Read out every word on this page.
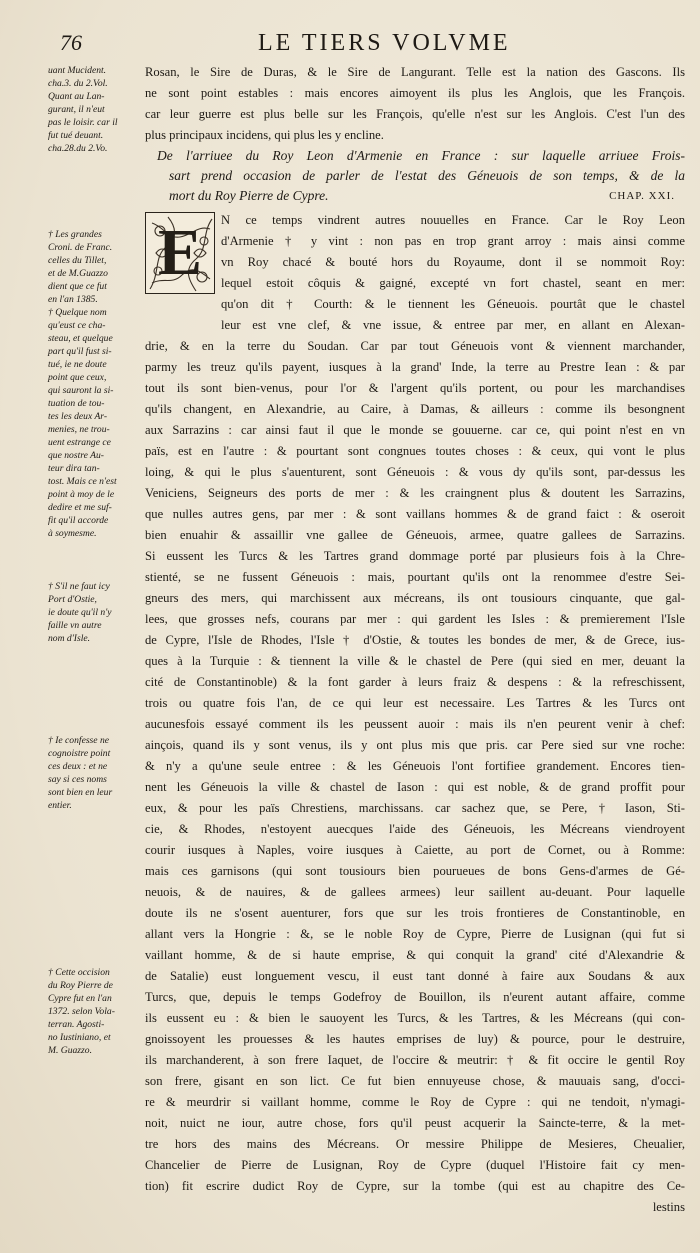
76	LE TIERS VOLVME
uant Mucident.
cha.3. du 2.Vol.
Quant au Lan-
gurant, il n'eut
pas le loisir. car il
fut tué deuant.
cha.28.du 2.Vo.
† Les grandes
Croni. de Franc.
celles du Tillet,
et de M.Guazzo
dient que ce fut
en l'an 1385.
† Quelque nom
qu'eust ce cha-
steau, et quelque
part qu'il fust si-
tué, ie ne doute
point que ceux,
qui sauront la si-
tuation de tou-
tes les deux Ar-
menies, ne trou-
uent estrange ce
que nostre Au-
teur dira tan-
tost. Mais ce n'est
point à moy de le
dedire et me suf-
fit qu'il accorde
à soymesme.
† S'il ne faut icy
Port d'Ostie,
ie doute qu'il n'y
faille vn autre
nom d'Isle.
† Ie confesse ne
cognoistre point
ces deux : et ne
say si ces noms
sont bien en leur
entier.
† Cette occision
du Roy Pierre de
Cypre fut en l'an
1372. selon Vola-
terran. Agosti-
no Iustiniano, et
M. Guazzo.
Rosan, le Sire de Duras, & le Sire de Langurant. Telle est la nation des Gascons. Ils
ne sont point estables : mais encores aimoyent ils plus les Anglois, que les François.
car leur guerre est plus belle sur les François, qu'elle n'est sur les Anglois. C'est l'un des
plus principaux incidens, qui plus les y encline.
De l'arriuee du Roy Leon d'Armenie en France : sur laquelle arriuee Frois-
sart prend occasion de parler de l'estat des Géneuois de son temps, & de la
mort du Roy Pierre de Cypre.	CHAP. XXI.
E	N ce temps vindrent autres nouuelles en France. Car le Roy Leon
d'Armenie † y vint : non pas en trop grant arroy : mais ainsi comme
vn Roy chacé & bouté hors du Royaume, dont il se nommoit Roy:
lequel estoit côquis & gaigné, excepté vn fort chastel, seant en mer:
qu'on dit † Courth: & le tiennent les Géneuois. pourtât que le chastel
leur est vne clef, & vne issue, & entree par mer, en allant en Alexan-
drie, & en la terre du Soudan. Car par tout Géneuois vont & viennent marchander,
parmy les treuz qu'ils payent, iusques à la grand' Inde, la terre au Prestre Iean : & par
tout ils sont bien-venus, pour l'or & l'argent qu'ils portent, ou pour les marchandises
qu'ils changent, en Alexandrie, au Caire, à Damas, & ailleurs : comme ils besongnent
aux Sarrazins : car ainsi faut il que le monde se gouuerne. car ce, qui point n'est en vn
païs, est en l'autre : & pourtant sont congnues toutes choses : & ceux, qui vont le plus
loing, & qui le plus s'auenturent, sont Géneuois : & vous dy qu'ils sont, par-dessus les
Veniciens, Seigneurs des ports de mer : & les craingnent plus & doutent les Sarrazins,
que nulles autres gens, par mer : & sont vaillans hommes & de grand faict : & oseroit
bien enuahir & assaillir vne gallee de Géneuois, armee, quatre gallees de Sarrazins.
Si eussent les Turcs & les Tartres grand dommage porté par plusieurs fois à la Chre-
stienté, se ne fussent Géneuois : mais, pourtant qu'ils ont la renommee d'estre Sei-
gneurs des mers, qui marchissent aux mécreans, ils ont tousiours cinquante, que gal-
lees, que grosses nefs, courans par mer : qui gardent les Isles : & premierement l'Isle
de Cypre, l'Isle de Rhodes, l'Isle † d'Ostie, & toutes les bondes de mer, & de Grece, ius-
ques à la Turquie : & tiennent la ville & le chastel de Pere (qui sied en mer, deuant la
cité de Constantinoble) & la font garder à leurs fraiz & despens : & la refreschissent,
trois ou quatre fois l'an, de ce qui leur est necessaire. Les Tartres & les Turcs ont
aucunesfois essayé comment ils les peussent auoir : mais ils n'en peurent venir à chef:
ainçois, quand ils y sont venus, ils y ont plus mis que pris. car Pere sied sur vne roche:
& n'y a qu'une seule entree : & les Géneuois l'ont fortifiee grandement. Encores tien-
nent les Géneuois la ville & chastel de Iason : qui est noble, & de grand proffit pour
eux, & pour les païs Chrestiens, marchissans. car sachez que, se Pere, † Iason, Sti-
cie, & Rhodes, n'estoyent auecques l'aide des Géneuois, les Mécreans viendroyent
courir iusques à Naples, voire iusques à Caiette, au port de Cornet, ou à Romme:
mais ces garnisons (qui sont tousiours bien pourueues de bons Gens-d'armes de Gé-
neuois, & de nauires, & de gallees armees) leur saillent au-deuant. Pour laquelle
doute ils ne s'osent auenturer, fors que sur les trois frontieres de Constantinoble, en
allant vers la Hongrie : &, se le noble Roy de Cypre, Pierre de Lusignan (qui fut si
vaillant homme, & de si haute emprise, & qui conquit la grand' cité d'Alexandrie &
de Satalie) eust longuement vescu, il eust tant donné à faire aux Soudans & aux
Turcs, que, depuis le temps Godefroy de Bouillon, ils n'eurent autant affaire, comme
ils eussent eu : & bien le sauoyent les Turcs, & les Tartres, & les Mécreans (qui con-
gnoissoyent les prouesses & les hautes emprises de luy) & pource, pour le destruire,
ils marchanderent, à son frere Iaquet, de l'occire & meutrir: † & fit occire le gentil Roy
son frere, gisant en son lict. Ce fut bien ennuyeuse chose, & mauuais sang, d'occi-
re & meurdrir si vaillant homme, comme le Roy de Cypre : qui ne tendoit, n'ymagi-
noit, nuict ne iour, autre chose, fors qu'il peust acquerir la Saincte-terre, & la met-
tre hors des mains des Mécreans. Or messire Philippe de Mesieres, Cheualier,
Chancelier de Pierre de Lusignan, Roy de Cypre (duquel l'Histoire fait cy men-
tion) fit escrire dudict Roy de Cypre, sur la tombe (qui est au chapitre des Ce-
lestins
